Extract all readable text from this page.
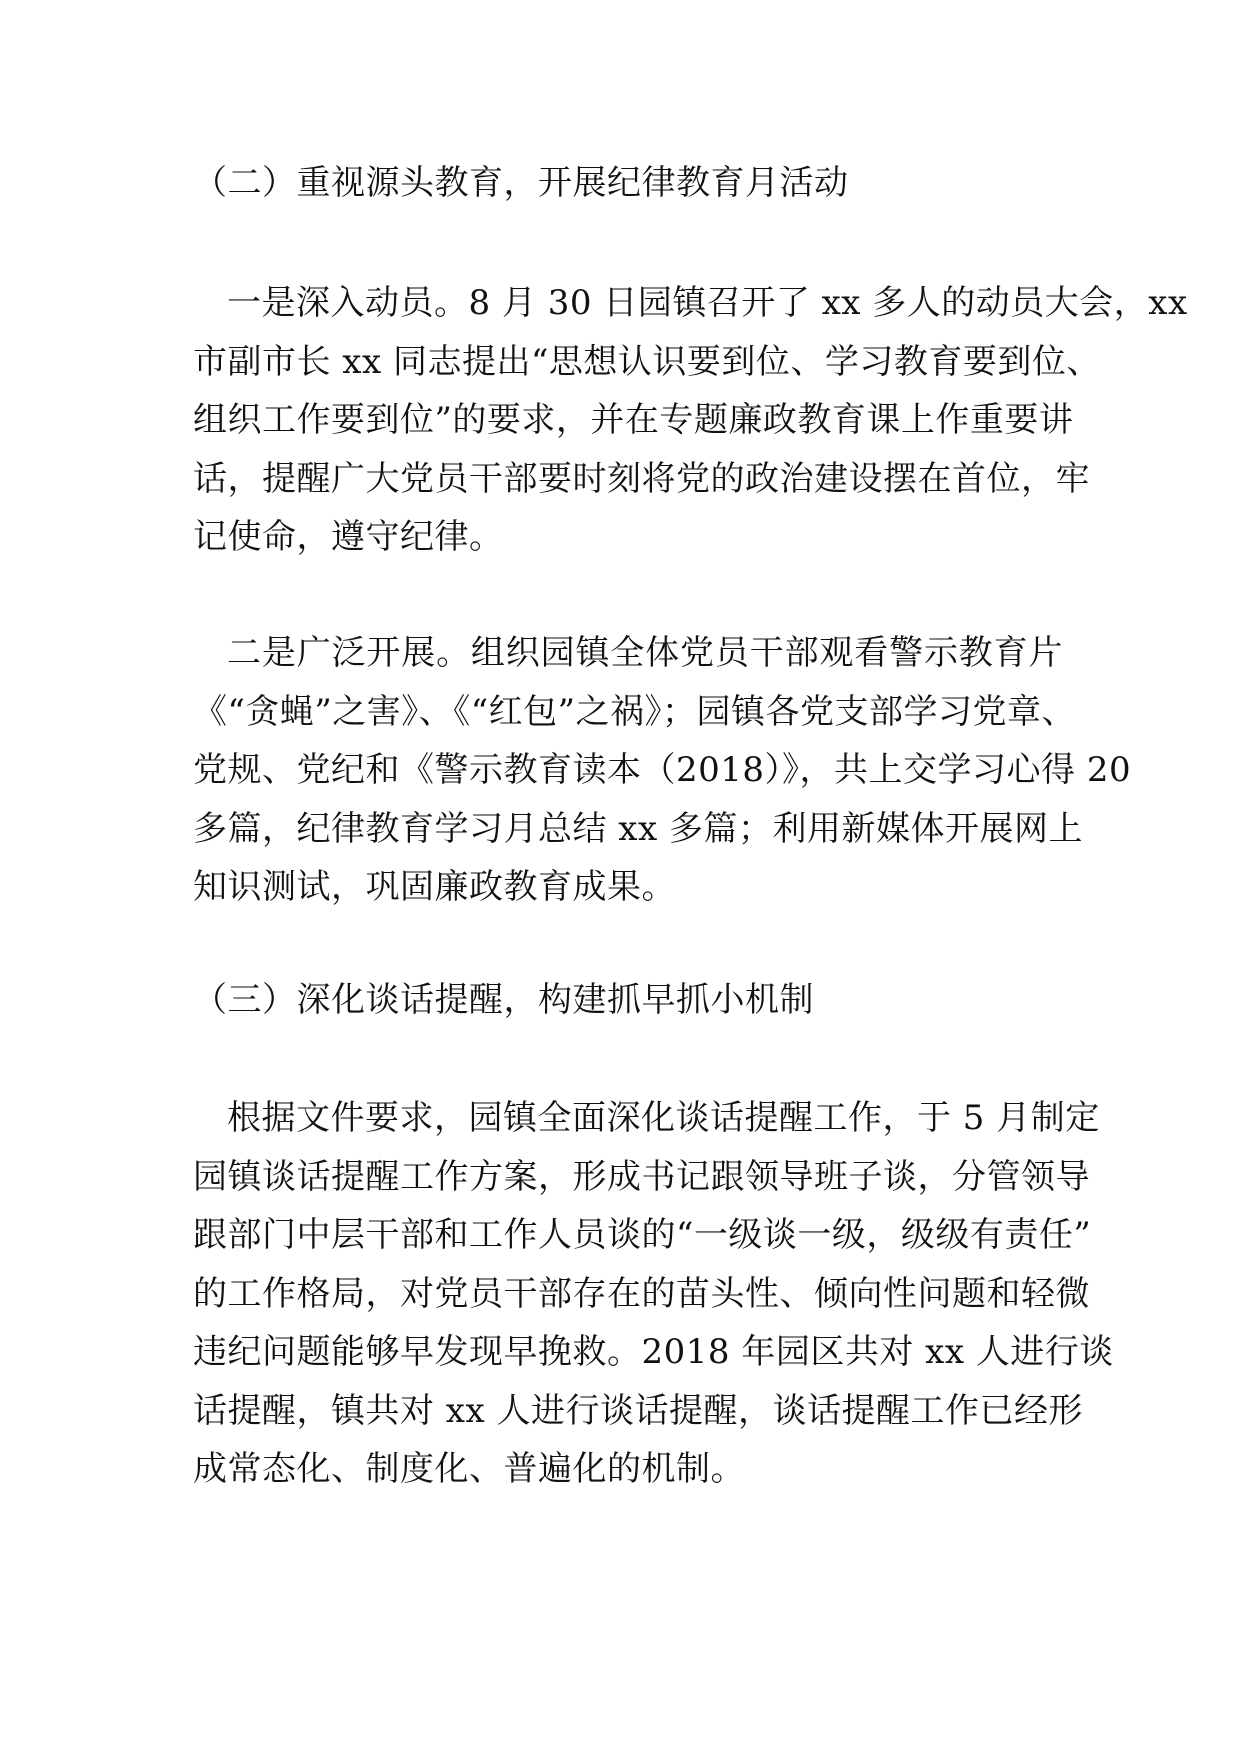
（二）重视源头教育，开展纪律教育月活动
一是深入动员。8 月 30 日园镇召开了 xx 多人的动员大会，xx
市副市长 xx 同志提出“思想认识要到位、学习教育要到位、
组织工作要到位”的要求，并在专题廉政教育课上作重要讲
话，提醒广大党员干部要时刻将党的政治建设摆在首位，牢
记使命，遵守纪律。
二是广泛开展。组织园镇全体党员干部观看警示教育片
《“贪蝇”之害》、《“红包”之祸》；园镇各党支部学习党章、
党规、党纪和《警示教育读本（2018）》，共上交学习心得 20
多篇，纪律教育学习月总结 xx 多篇；利用新媒体开展网上
知识测试，巩固廉政教育成果。
（三）深化谈话提醒，构建抓早抓小机制
根据文件要求，园镇全面深化谈话提醒工作，于 5 月制定
园镇谈话提醒工作方案，形成书记跟领导班子谈，分管领导
跟部门中层干部和工作人员谈的“一级谈一级，级级有责任”
的工作格局，对党员干部存在的苗头性、倾向性问题和轻微
违纪问题能够早发现早挽救。2018 年园区共对 xx 人进行谈
话提醒，镇共对 xx 人进行谈话提醒，谈话提醒工作已经形
成常态化、制度化、普遍化的机制。
